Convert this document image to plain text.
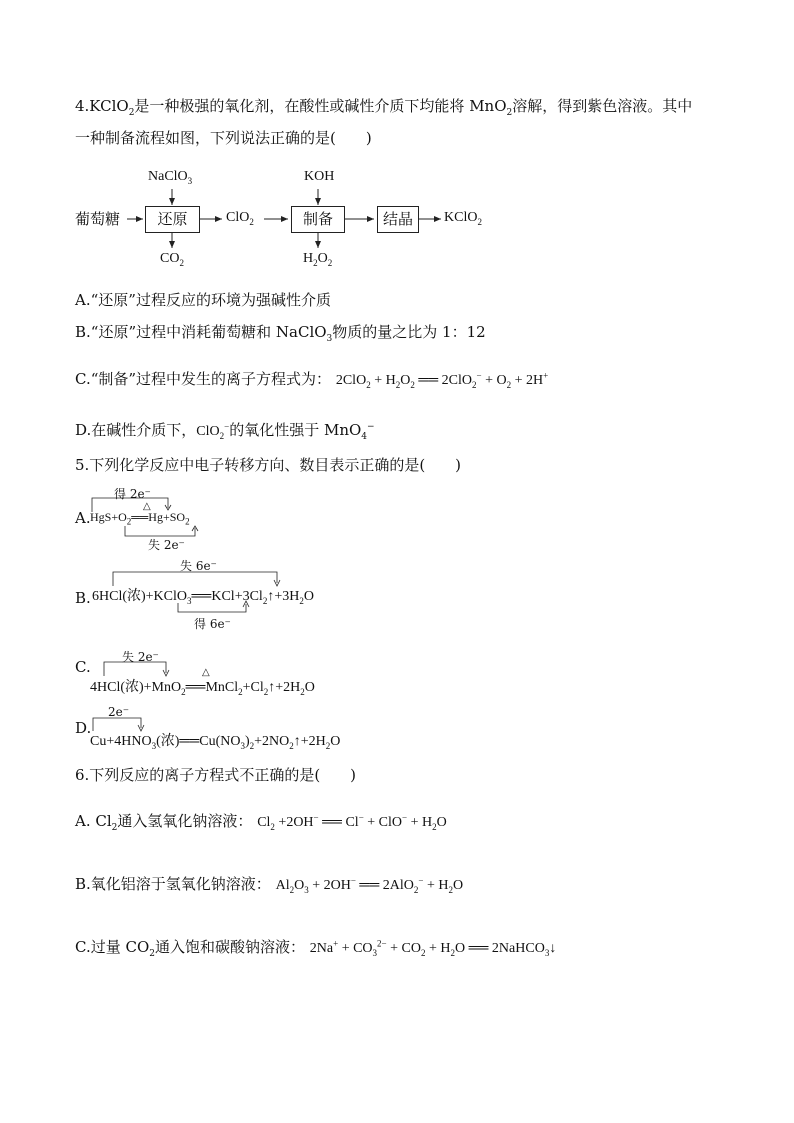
4.KClO$_2$是一种极强的氧化剂，在酸性或碱性介质下均能将 MnO$_2$溶解，得到紫色溶液。其中
一种制备流程如图，下列说法正确的是(　　)
NaClO$_3$	KOH
葡萄糖	还原	ClO$_2$	制备	结晶	KClO$_2$
$CO_2$	$H_2O_2$
A.“还原”过程反应的环境为强碱性介质
B.“还原”过程中消耗葡萄糖和 NaClO$_3$物质的量之比为 1：12
C.“制备”过程中发生的离子方程式为： $2ClO_2 + H_2O_2$ ══ $2ClO_2^- + O_2 + 2H^+$
D.在碱性介质下，ClO$_2$−的氧化性强于 MnO$_4$−
5.下列化学反应中电子转移方向、数目表示正确的是(　　)
得 2e⁻
A.
△
$HgS+O_2══Hg+SO_2$
失 2e⁻
失 6e⁻
B. 6HCl(浓)$+KClO_3══KCl+3Cl_2↑+3H_2O$
得 6e⁻
失 2e⁻
C.	△
4HCl(浓)$+MnO_2══MnCl_2+Cl_2↑+2H_2O$
2e⁻
D.
$Cu+4HNO_3$(浓)$══Cu(NO_3)_2+2NO_2↑+2H_2O$
6.下列反应的离子方程式不正确的是(　　)
A. $Cl_2$通入氢氧化钠溶液： $Cl_2 +2OH^-$ ══ $Cl^- + ClO^- + H_2O$
B.氧化铝溶于氢氧化钠溶液： $Al_2O_3 + 2OH^-$ ══ $2AlO_2^- + H_2O$
C.过量 $CO_2$通入饱和碳酸钠溶液： $2Na^+ + CO_3^{2-} + CO_2 + H_2O$ ══ 2NaHCO$_3$↓
